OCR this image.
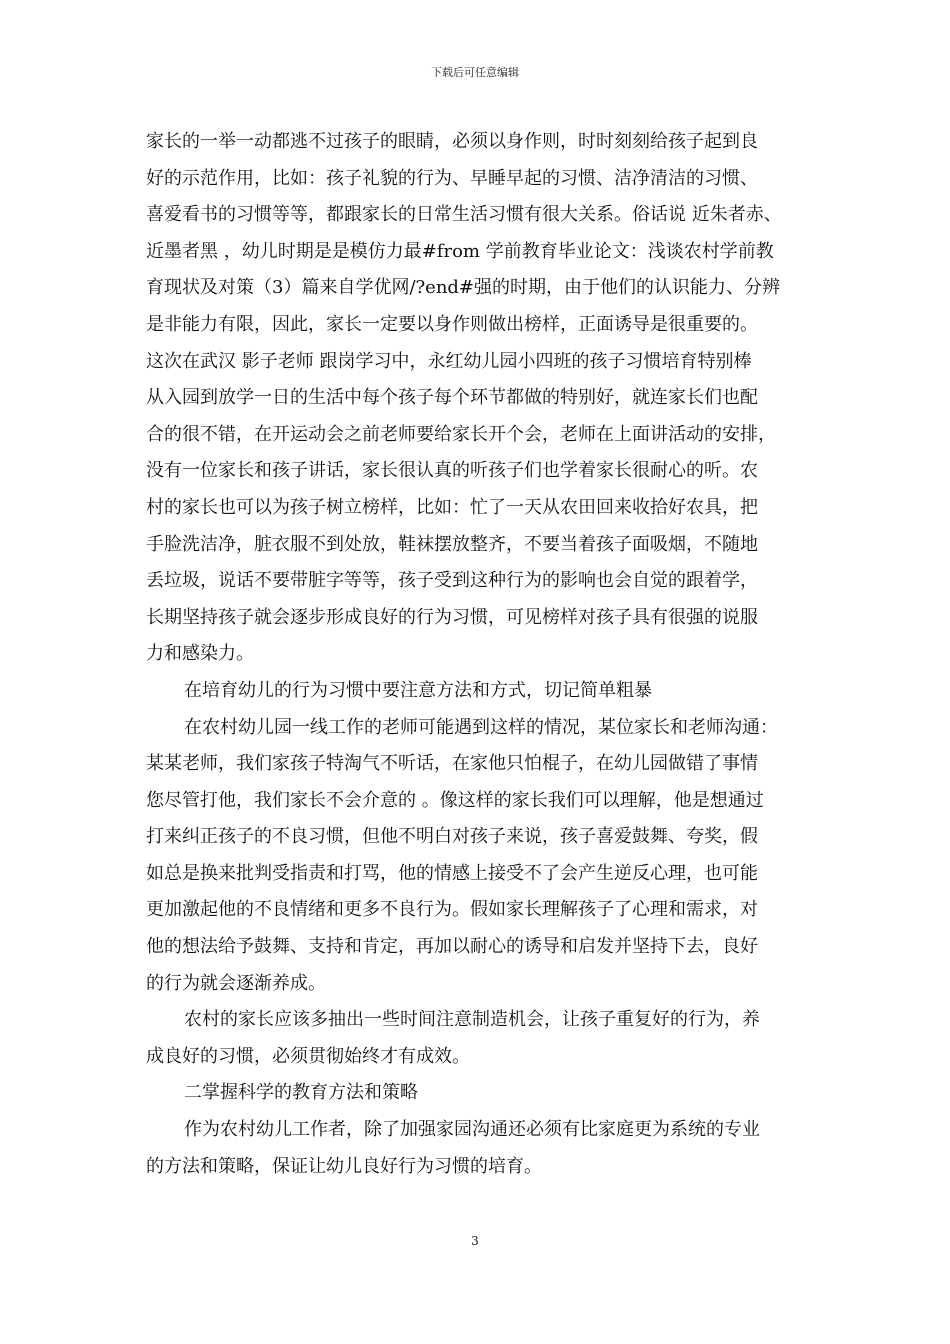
下载后可任意编辑

家长的一举一动都逃不过孩子的眼睛，必须以身作则，时时刻刻给孩子起到良
好的示范作用，比如：孩子礼貌的行为、早睡早起的习惯、洁净清洁的习惯、
喜爱看书的习惯等等，都跟家长的日常生活习惯有很大关系。俗话说 近朱者赤、
近墨者黑 ，幼儿时期是是模仿力最#from 学前教育毕业论文：浅谈农村学前教
育现状及对策（3）篇来自学优网/?end#强的时期，由于他们的认识能力、分辨
是非能力有限，因此，家长一定要以身作则做出榜样，正面诱导是很重要的。
这次在武汉 影子老师 跟岗学习中，永红幼儿园小四班的孩子习惯培育特别棒
从入园到放学一日的生活中每个孩子每个环节都做的特别好，就连家长们也配
合的很不错，在开运动会之前老师要给家长开个会，老师在上面讲活动的安排，
没有一位家长和孩子讲话，家长很认真的听孩子们也学着家长很耐心的听。农
村的家长也可以为孩子树立榜样，比如：忙了一天从农田回来收拾好农具，把
手脸洗洁净，脏衣服不到处放，鞋袜摆放整齐，不要当着孩子面吸烟，不随地
丢垃圾，说话不要带脏字等等，孩子受到这种行为的影响也会自觉的跟着学，
长期坚持孩子就会逐步形成良好的行为习惯，可见榜样对孩子具有很强的说服
力和感染力。

在培育幼儿的行为习惯中要注意方法和方式，切记简单粗暴

在农村幼儿园一线工作的老师可能遇到这样的情况，某位家长和老师沟通：
某某老师，我们家孩子特淘气不听话，在家他只怕棍子，在幼儿园做错了事情
您尽管打他，我们家长不会介意的 。像这样的家长我们可以理解，他是想通过
打来纠正孩子的不良习惯，但他不明白对孩子来说，孩子喜爱鼓舞、夸奖，假
如总是换来批判受指责和打骂，他的情感上接受不了会产生逆反心理，也可能
更加激起他的不良情绪和更多不良行为。假如家长理解孩子了心理和需求，对
他的想法给予鼓舞、支持和肯定，再加以耐心的诱导和启发并坚持下去，良好
的行为就会逐渐养成。

农村的家长应该多抽出一些时间注意制造机会，让孩子重复好的行为，养
成良好的习惯，必须贯彻始终才有成效。

二掌握科学的教育方法和策略

作为农村幼儿工作者，除了加强家园沟通还必须有比家庭更为系统的专业
的方法和策略，保证让幼儿良好行为习惯的培育。

3
